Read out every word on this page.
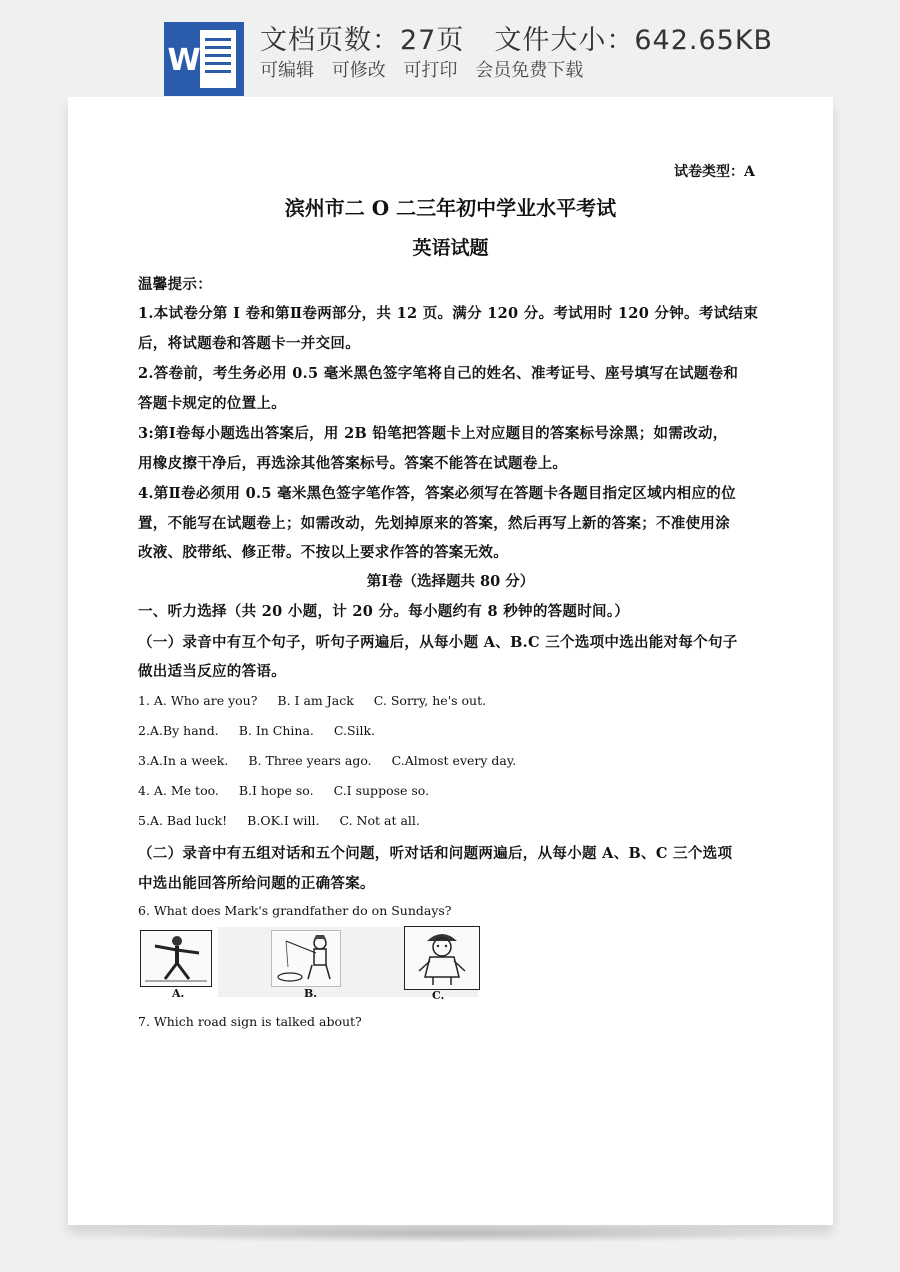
W
文档页数：27页 文件大小：642.65KB
可编辑 可修改 可打印 会员免费下载
试卷类型：A
滨州市二 O 二三年初中学业水平考试
英语试题
温馨提示：
1.本试卷分第 I 卷和第Ⅱ卷两部分，共 12 页。满分 120 分。考试用时 120 分钟。考试结束
后，将试题卷和答题卡一并交回。
2.答卷前，考生务必用 0.5 毫米黑色签字笔将自己的姓名、准考证号、座号填写在试题卷和
答题卡规定的位置上。
3:第Ⅰ卷每小题选出答案后，用 2B 铅笔把答题卡上对应题目的答案标号涂黑；如需改动，
用橡皮擦干净后，再选涂其他答案标号。答案不能答在试题卷上。
4.第Ⅱ卷必须用 0.5 毫米黑色签字笔作答，答案必须写在答题卡各题目指定区域内相应的位
置，不能写在试题卷上；如需改动，先划掉原来的答案，然后再写上新的答案；不准使用涂
改液、胶带纸、修正带。不按以上要求作答的答案无效。
第Ⅰ卷（选择题共 80 分）
一、听力选择（共 20 小题，计 20 分。每小题约有 8 秒钟的答题时间。）
（一）录音中有互个句子，听句子两遍后，从每小题 A、B.C 三个选项中选出能对每个句子
做出适当反应的答语。
1. A. Who are you? B. I am Jack C. Sorry, he's out.
2.A.By hand. B. In China. C.Silk.
3.A.In a week. B. Three years ago. C.Almost every day.
4. A. Me too. B.I hope so. C.I suppose so.
5.A. Bad luck! B.OK.I will. C. Not at all.
（二）录音中有五组对话和五个问题，听对话和问题两遍后，从每小题 A、B、C 三个选项
中选出能回答所给问题的正确答案。
6. What does Mark's grandfather do on Sundays?
A.	B.	C.
7. Which road sign is talked about?
